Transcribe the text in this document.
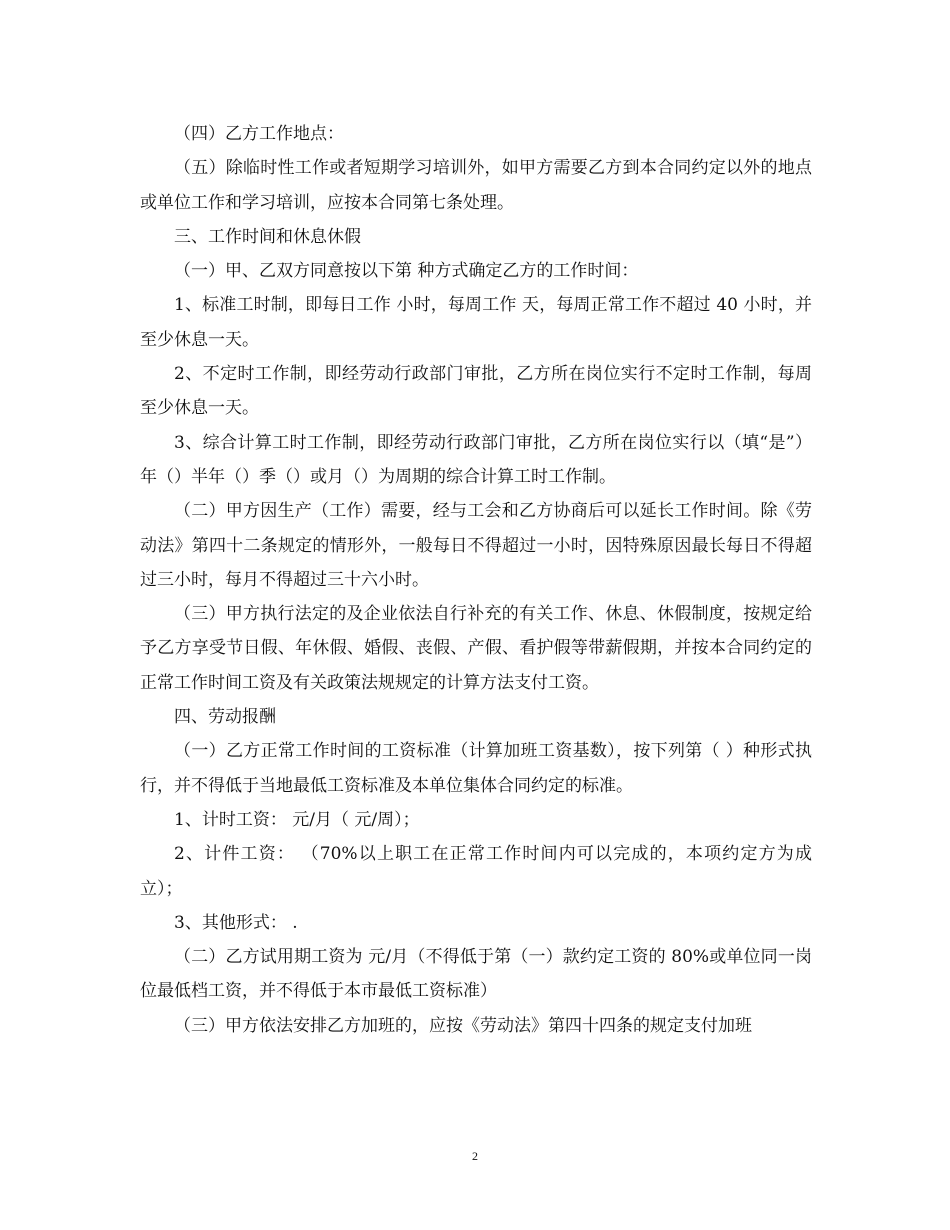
（四）乙方工作地点：

（五）除临时性工作或者短期学习培训外，如甲方需要乙方到本合同约定以外的地点或单位工作和学习培训，应按本合同第七条处理。

三、工作时间和休息休假

（一）甲、乙双方同意按以下第 种方式确定乙方的工作时间：

1、标准工时制，即每日工作 小时，每周工作 天，每周正常工作不超过 40 小时，并至少休息一天。

2、不定时工作制，即经劳动行政部门审批，乙方所在岗位实行不定时工作制，每周至少休息一天。

3、综合计算工时工作制，即经劳动行政部门审批，乙方所在岗位实行以（填“是”）年（）半年（）季（）或月（）为周期的综合计算工时工作制。

（二）甲方因生产（工作）需要，经与工会和乙方协商后可以延长工作时间。除《劳动法》第四十二条规定的情形外，一般每日不得超过一小时，因特殊原因最长每日不得超过三小时，每月不得超过三十六小时。

（三）甲方执行法定的及企业依法自行补充的有关工作、休息、休假制度，按规定给予乙方享受节日假、年休假、婚假、丧假、产假、看护假等带薪假期，并按本合同约定的正常工作时间工资及有关政策法规规定的计算方法支付工资。

四、劳动报酬

（一）乙方正常工作时间的工资标准（计算加班工资基数），按下列第（ ）种形式执行，并不得低于当地最低工资标准及本单位集体合同约定的标准。

1、计时工资： 元/月（ 元/周）；

2、计件工资： （70%以上职工在正常工作时间内可以完成的，本项约定方为成立）；

3、其他形式： .

（二）乙方试用期工资为 元/月（不得低于第（一）款约定工资的 80%或单位同一岗位最低档工资，并不得低于本市最低工资标准）

（三）甲方依法安排乙方加班的，应按《劳动法》第四十四条的规定支付加班

2
